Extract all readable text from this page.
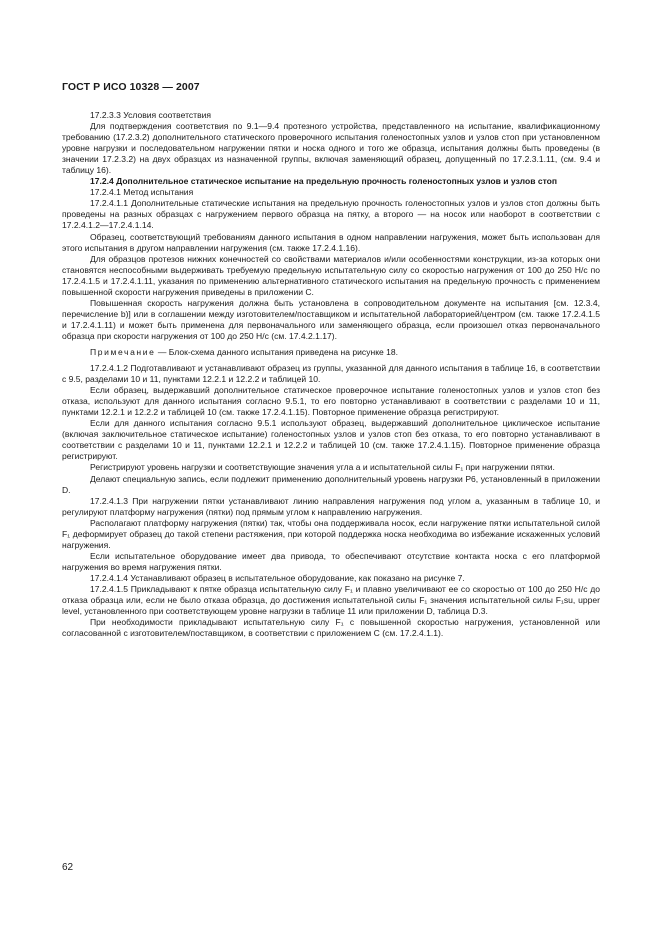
ГОСТ Р ИСО 10328 — 2007

17.2.3.3 Условия соответствия

Для подтверждения соответствия по 9.1—9.4 протезного устройства, представленного на испытание, квалификационному требованию (17.2.3.2) дополнительного статического проверочного испытания голеностопных узлов и узлов стоп при установленном уровне нагрузки и последовательном нагружении пятки и носка одного и того же образца, испытания должны быть проведены (в значении 17.2.3.2) на двух образцах из назначенной группы, включая заменяющий образец, допущенный по 17.2.3.1.11, (см. 9.4 и таблицу 16).

17.2.4 Дополнительное статическое испытание на предельную прочность голеностопных узлов и узлов стоп

17.2.4.1 Метод испытания

17.2.4.1.1 Дополнительные статические испытания на предельную прочность голеностопных узлов и узлов стоп должны быть проведены на разных образцах с нагружением первого образца на пятку, а второго — на носок или наоборот в соответствии с 17.2.4.1.2—17.2.4.1.14.

Образец, соответствующий требованиям данного испытания в одном направлении нагружения, может быть использован для этого испытания в другом направлении нагружения (см. также 17.2.4.1.16).

Для образцов протезов нижних конечностей со свойствами материалов и/или особенностями конструкции, из-за которых они становятся неспособными выдерживать требуемую предельную испытательную силу со скоростью нагружения от 100 до 250 Н/с по 17.2.4.1.5 и 17.2.4.1.11, указания по применению альтернативного статического испытания на предельную прочность с применением повышенной скорости нагружения приведены в приложении С.

Повышенная скорость нагружения должна быть установлена в сопроводительном документе на испытания [см. 12.3.4, перечисление b)] или в соглашении между изготовителем/поставщиком и испытательной лабораторией/центром (см. также 17.2.4.1.5 и 17.2.4.1.11) и может быть применена для первоначального или заменяющего образца, если произошел отказ первоначального образца при скорости нагружения от 100 до 250 Н/с (см. 17.4.2.1.17).

Примечание — Блок-схема данного испытания приведена на рисунке 18.

17.2.4.1.2 Подготавливают и устанавливают образец из группы, указанной для данного испытания в таблице 16, в соответствии с 9.5, разделами 10 и 11, пунктами 12.2.1 и 12.2.2 и таблицей 10.

Если образец, выдержавший дополнительное статическое проверочное испытание голеностопных узлов и узлов стоп без отказа, используют для данного испытания согласно 9.5.1, то его повторно устанавливают в соответствии с разделами 10 и 11, пунктами 12.2.1 и 12.2.2 и таблицей 10 (см. также 17.2.4.1.15). Повторное применение образца регистрируют.

Если для данного испытания согласно 9.5.1 используют образец, выдержавший дополнительное циклическое испытание (включая заключительное статическое испытание) голеностопных узлов и узлов стоп без отказа, то его повторно устанавливают в соответствии с разделами 10 и 11, пунктами 12.2.1 и 12.2.2 и таблицей 10 (см. также 17.2.4.1.15). Повторное применение образца регистрируют.

Регистрируют уровень нагрузки и соответствующие значения угла a и испытательной силы F₁ при нагружении пятки.

Делают специальную запись, если подлежит применению дополнительный уровень нагрузки P6, установленный в приложении D.

17.2.4.1.3 При нагружении пятки устанавливают линию направления нагружения под углом a, указанным в таблице 10, и регулируют платформу нагружения (пятки) под прямым углом к направлению нагружения.

Располагают платформу нагружения (пятки) так, чтобы она поддерживала носок, если нагружение пятки испытательной силой F₁ деформирует образец до такой степени растяжения, при которой поддержка носка необходима во избежание искаженных условий нагружения.

Если испытательное оборудование имеет два привода, то обеспечивают отсутствие контакта носка с его платформой нагружения во время нагружения пятки.

17.2.4.1.4 Устанавливают образец в испытательное оборудование, как показано на рисунке 7.

17.2.4.1.5 Прикладывают к пятке образца испытательную силу F₁ и плавно увеличивают ее со скоростью от 100 до 250 Н/с до отказа образца или, если не было отказа образца, до достижения испытательной силы F₁ значения испытательной силы F₁su, upper level, установленного при соответствующем уровне нагрузки в таблице 11 или приложении D, таблица D.3.

При необходимости прикладывают испытательную силу F₁ с повышенной скоростью нагружения, установленной или согласованной с изготовителем/поставщиком, в соответствии с приложением С (см. 17.2.4.1.1).

62
